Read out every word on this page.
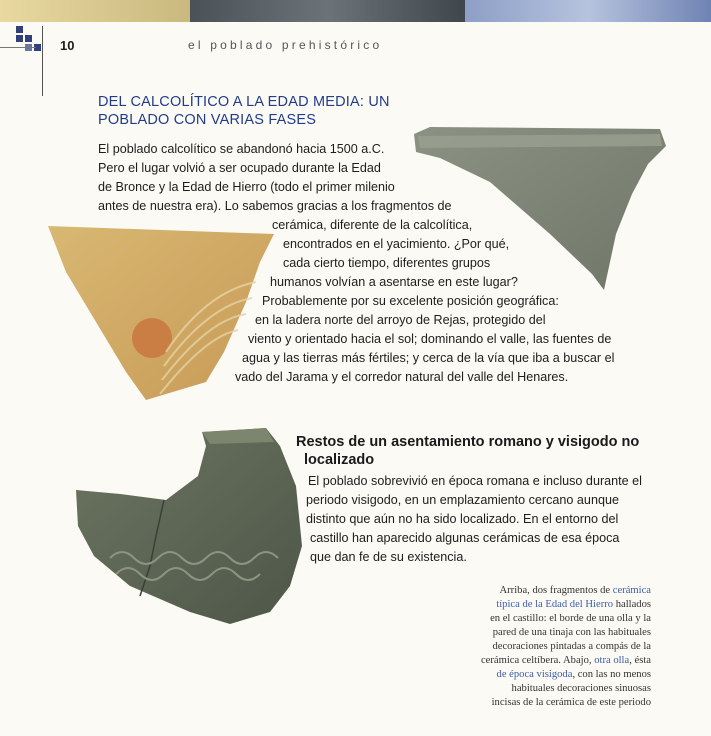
10	el poblado prehistórico
DEL CALCOLÍTICO A LA EDAD MEDIA: UN
POBLADO CON VARIAS FASES
El poblado calcolítico se abandonó hacia 1500 a.C.
Pero el lugar volvió a ser ocupado durante la Edad
de Bronce y la Edad de Hierro (todo el primer milenio
antes de nuestra era). Lo sabemos gracias a los fragmentos de
cerámica, diferente de la calcolítica,
encontrados en el yacimiento. ¿Por qué,
cada cierto tiempo, diferentes grupos
humanos volvían a asentarse en este lugar?
Probablemente por su excelente posición geográfica:
en la ladera norte del arroyo de Rejas, protegido del
viento y orientado hacia el sol; dominando el valle, las fuentes de
agua y las tierras más fértiles; y cerca de la vía que iba a buscar el
vado del Jarama y el corredor natural del valle del Henares.
Restos de un asentamiento romano y visigodo no
localizado
El poblado sobrevivió en época romana e incluso durante el
periodo visigodo, en un emplazamiento cercano aunque
distinto que aún no ha sido localizado. En el entorno del
castillo han aparecido algunas cerámicas de esa época
que dan fe de su existencia.
Arriba, dos fragmentos de cerámica
típica de la Edad del Hierro hallados
en el castillo: el borde de una olla y la
pared de una tinaja con las habituales
decoraciones pintadas a compás de la
cerámica celtíbera. Abajo, otra olla, ésta
de época visigoda, con las no menos
habituales decoraciones sinuosas
incisas de la cerámica de este periodo
